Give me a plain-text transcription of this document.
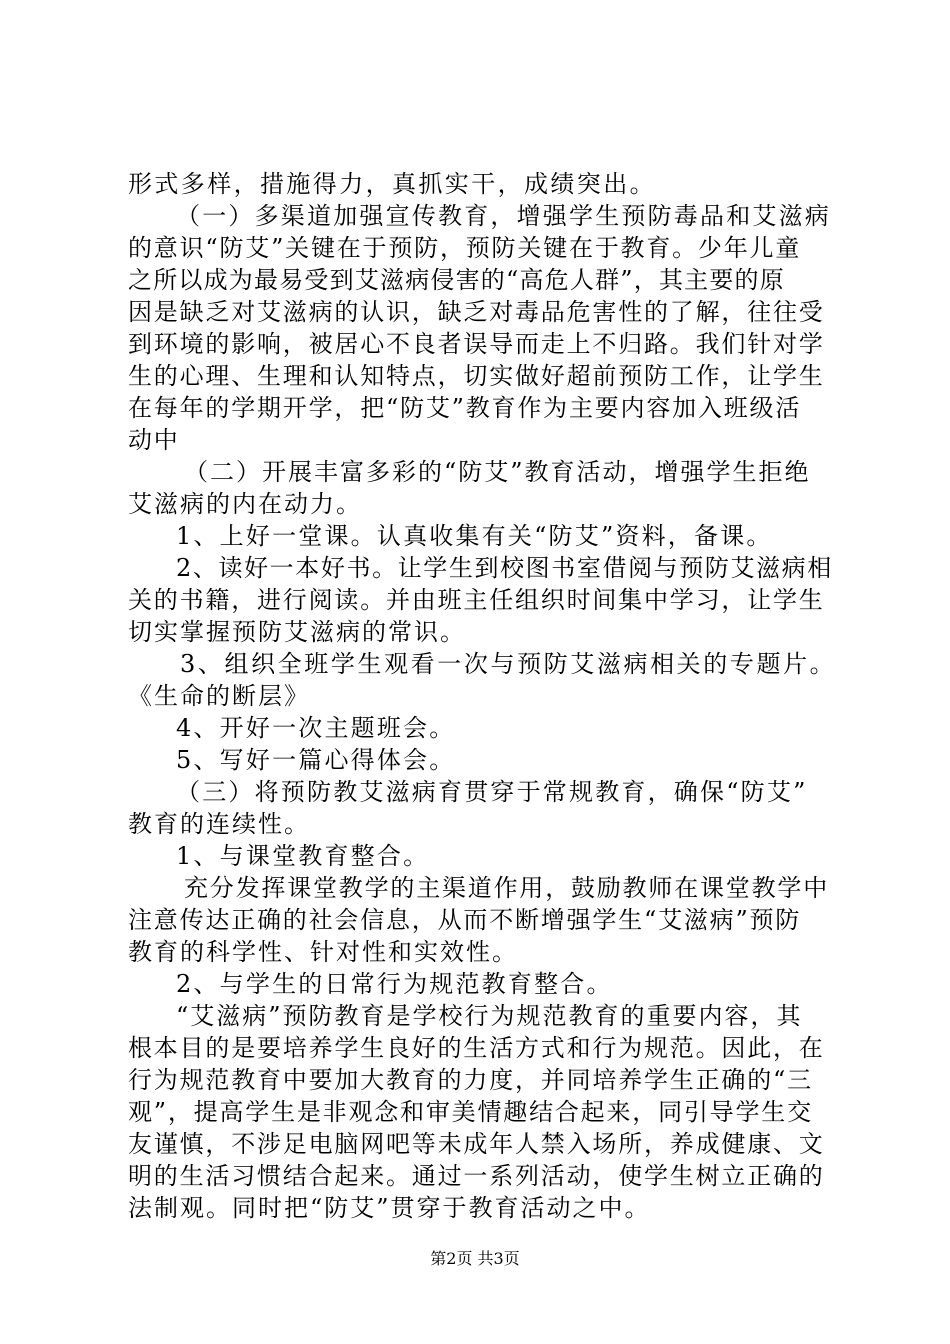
形式多样，措施得力，真抓实干，成绩突出。
（一）多渠道加强宣传教育，增强学生预防毒品和艾滋病
的意识“防艾”关键在于预防，预防关键在于教育。少年儿童
之所以成为最易受到艾滋病侵害的“高危人群”，其主要的原
因是缺乏对艾滋病的认识，缺乏对毒品危害性的了解，往往受
到环境的影响，被居心不良者误导而走上不归路。我们针对学
生的心理、生理和认知特点，切实做好超前预防工作，让学生
在每年的学期开学，把“防艾”教育作为主要内容加入班级活
动中
（二）开展丰富多彩的“防艾”教育活动，增强学生拒绝
艾滋病的内在动力。
1、上好一堂课。认真收集有关“防艾”资料，备课。
2、读好一本好书。让学生到校图书室借阅与预防艾滋病相
关的书籍，进行阅读。并由班主任组织时间集中学习，让学生
切实掌握预防艾滋病的常识。
3、组织全班学生观看一次与预防艾滋病相关的专题片。
《生命的断层》
4、开好一次主题班会。
5、写好一篇心得体会。
（三）将预防教艾滋病育贯穿于常规教育，确保“防艾”
教育的连续性。
1、与课堂教育整合。
充分发挥课堂教学的主渠道作用，鼓励教师在课堂教学中
注意传达正确的社会信息，从而不断增强学生“艾滋病”预防
教育的科学性、针对性和实效性。
2、与学生的日常行为规范教育整合。
“艾滋病”预防教育是学校行为规范教育的重要内容，其
根本目的是要培养学生良好的生活方式和行为规范。因此，在
行为规范教育中要加大教育的力度，并同培养学生正确的“三
观”，提高学生是非观念和审美情趣结合起来，同引导学生交
友谨慎，不涉足电脑网吧等未成年人禁入场所，养成健康、文
明的生活习惯结合起来。通过一系列活动，使学生树立正确的
法制观。同时把“防艾”贯穿于教育活动之中。
第2页 共3页
